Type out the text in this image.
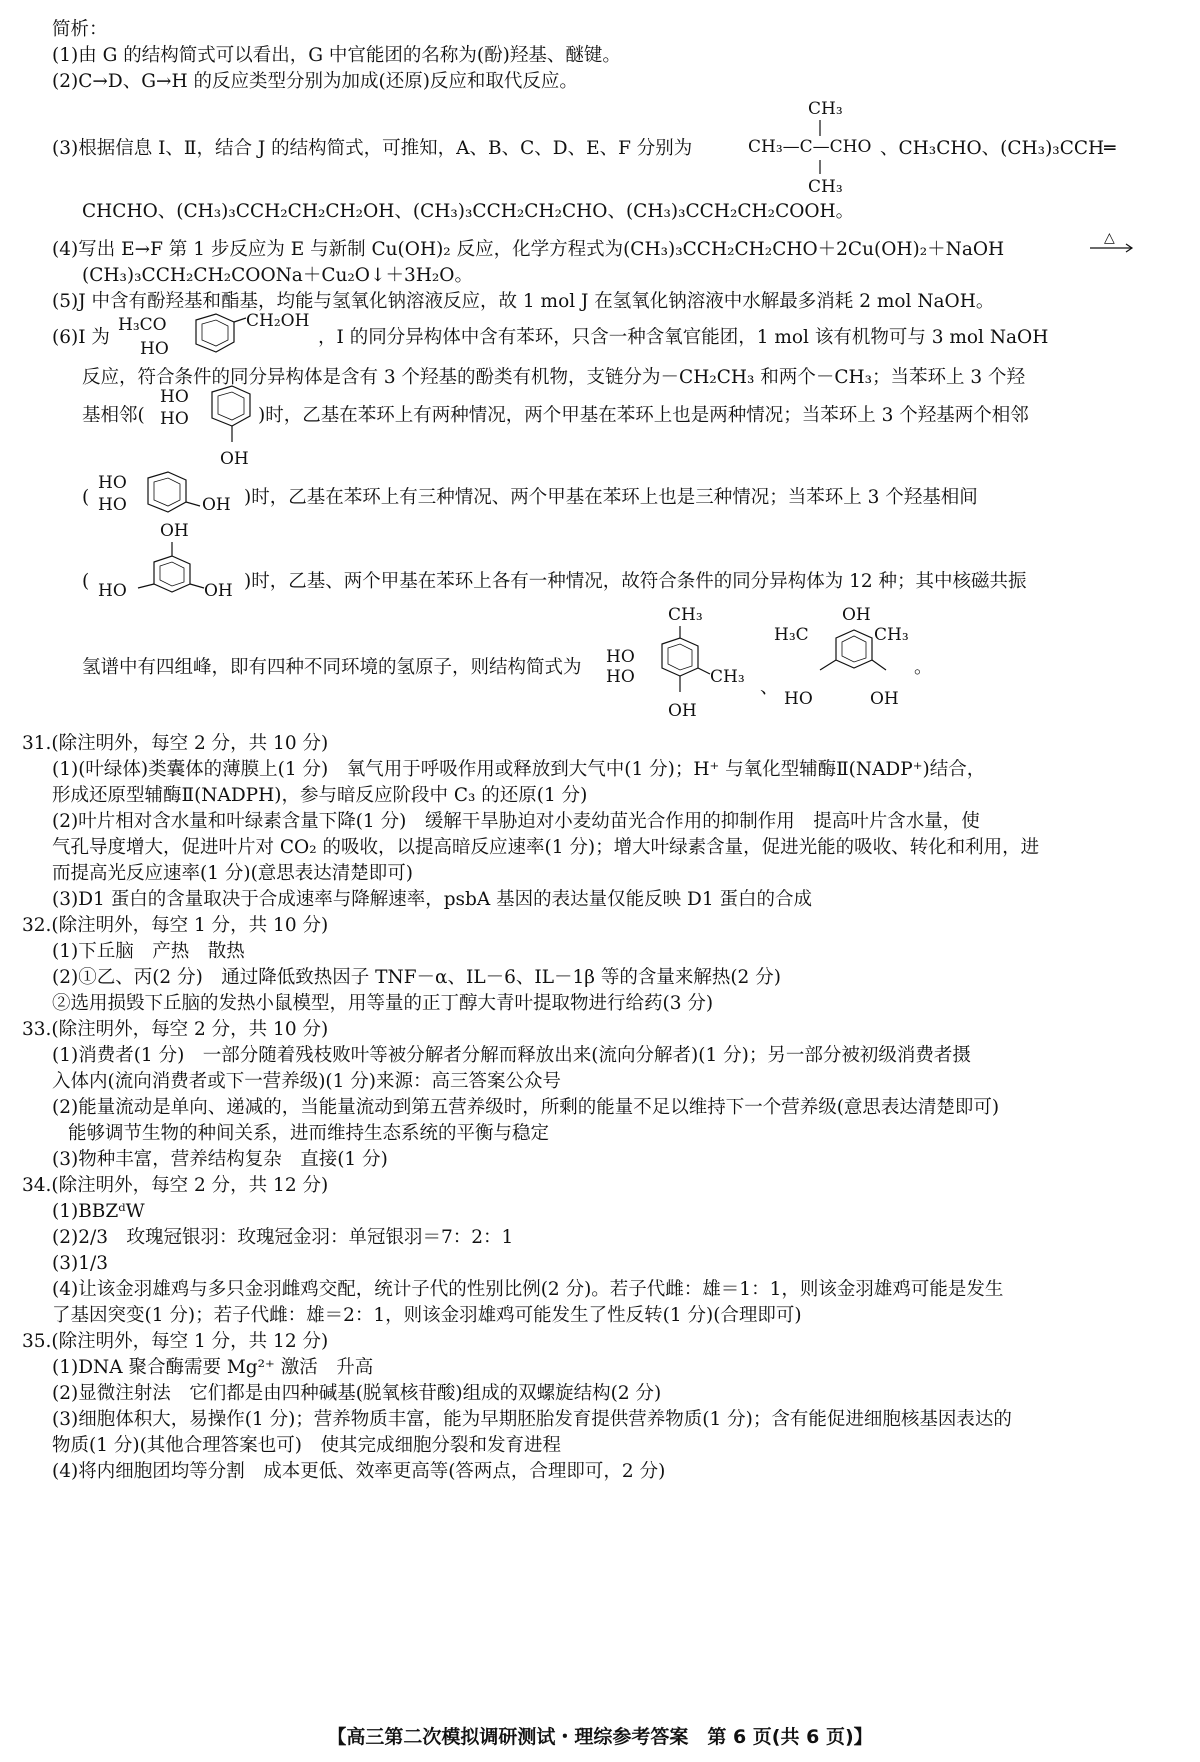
简析：
(1)由 G 的结构简式可以看出，G 中官能团的名称为(酚)羟基、醚键。
(2)C→D、G→H 的反应类型分别为加成(还原)反应和取代反应。
(3)根据信息 Ⅰ、Ⅱ，结合 J 的结构简式，可推知，A、B、C、D、E、F 分别为
CH₃
CH₃—C—CHO
CH₃
、CH₃CHO、(CH₃)₃CCH═
CHCHO、(CH₃)₃CCH₂CH₂CH₂OH、(CH₃)₃CCH₂CH₂CHO、(CH₃)₃CCH₂CH₂COOH。
(4)写出 E→F 第 1 步反应为 E 与新制 Cu(OH)₂ 反应，化学方程式为(CH₃)₃CCH₂CH₂CHO＋2Cu(OH)₂＋NaOH
△
(CH₃)₃CCH₂CH₂COONa＋Cu₂O↓＋3H₂O。
(5)J 中含有酚羟基和酯基，均能与氢氧化钠溶液反应，故 1 mol J 在氢氧化钠溶液中水解最多消耗 2 mol NaOH。
(6)I 为
H₃CO
HO
CH₂OH
，I 的同分异构体中含有苯环，只含一种含氧官能团，1 mol 该有机物可与 3 mol NaOH
反应，符合条件的同分异构体是含有 3 个羟基的酚类有机物，支链分为－CH₂CH₃ 和两个－CH₃；当苯环上 3 个羟
基相邻(
HO
HO
OH
)时，乙基在苯环上有两种情况，两个甲基在苯环上也是两种情况；当苯环上 3 个羟基两个相邻
(
HO
HO	OH )时，乙基在苯环上有三种情况、两个甲基在苯环上也是三种情况；当苯环上 3 个羟基相间
(
OH
HO	OH )时，乙基、两个甲基在苯环上各有一种情况，故符合条件的同分异构体为 12 种；其中核磁共振
氢谱中有四组峰，即有四种不同环境的氢原子，则结构简式为
CH₃
HO
HO	CH₃
OH
、
OH
H₃C	CH₃
HO	OH
。
31.(除注明外，每空 2 分，共 10 分)
(1)(叶绿体)类囊体的薄膜上(1 分)　氧气用于呼吸作用或释放到大气中(1 分)；H⁺ 与氧化型辅酶Ⅱ(NADP⁺)结合，
形成还原型辅酶Ⅱ(NADPH)，参与暗反应阶段中 C₃ 的还原(1 分)
(2)叶片相对含水量和叶绿素含量下降(1 分)　缓解干旱胁迫对小麦幼苗光合作用的抑制作用　提高叶片含水量，使
气孔导度增大，促进叶片对 CO₂ 的吸收，以提高暗反应速率(1 分)；增大叶绿素含量，促进光能的吸收、转化和利用，进
而提高光反应速率(1 分)(意思表达清楚即可)
(3)D1 蛋白的含量取决于合成速率与降解速率，psbA 基因的表达量仅能反映 D1 蛋白的合成
32.(除注明外，每空 1 分，共 10 分)
(1)下丘脑　产热　散热
(2)①乙、丙(2 分)　通过降低致热因子 TNF－α、IL－6、IL－1β 等的含量来解热(2 分)
②选用损毁下丘脑的发热小鼠模型，用等量的正丁醇大青叶提取物进行给药(3 分)
33.(除注明外，每空 2 分，共 10 分)
(1)消费者(1 分)　一部分随着残枝败叶等被分解者分解而释放出来(流向分解者)(1 分)；另一部分被初级消费者摄
入体内(流向消费者或下一营养级)(1 分)来源：高三答案公众号
(2)能量流动是单向、递减的，当能量流动到第五营养级时，所剩的能量不足以维持下一个营养级(意思表达清楚即可)
能够调节生物的种间关系，进而维持生态系统的平衡与稳定
(3)物种丰富，营养结构复杂　直接(1 分)
34.(除注明外，每空 2 分，共 12 分)
(1)BBZᵈW
(2)2/3　玫瑰冠银羽：玫瑰冠金羽：单冠银羽＝7：2：1
(3)1/3
(4)让该金羽雄鸡与多只金羽雌鸡交配，统计子代的性别比例(2 分)。若子代雌：雄＝1：1，则该金羽雄鸡可能是发生
了基因突变(1 分)；若子代雌：雄＝2：1，则该金羽雄鸡可能发生了性反转(1 分)(合理即可)
35.(除注明外，每空 1 分，共 12 分)
(1)DNA 聚合酶需要 Mg²⁺ 激活　升高
(2)显微注射法　它们都是由四种碱基(脱氧核苷酸)组成的双螺旋结构(2 分)
(3)细胞体积大，易操作(1 分)；营养物质丰富，能为早期胚胎发育提供营养物质(1 分)；含有能促进细胞核基因表达的
物质(1 分)(其他合理答案也可)　使其完成细胞分裂和发育进程
(4)将内细胞团均等分割　成本更低、效率更高等(答两点，合理即可，2 分)
【高三第二次模拟调研测试・理综参考答案　第 6 页(共 6 页)】
